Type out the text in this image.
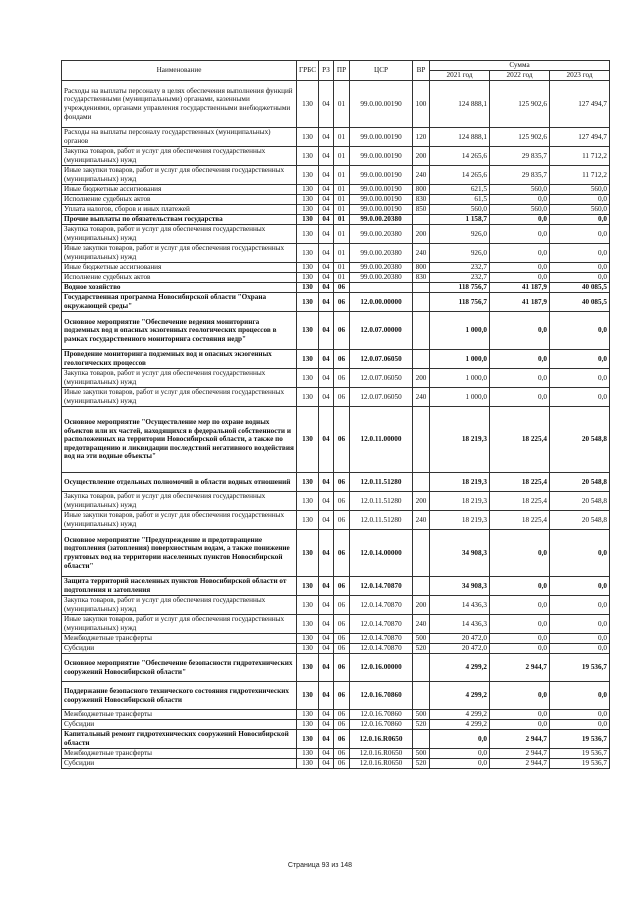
Наименование	ГРБС	РЗ	ПР	ЦСР	ВР	Сумма		
						2021 год	2022 год	2023 год
Расходы на выплаты персоналу в целях обеспечения выполнения функций государственными (муниципальными) органами, казенными учреждениями, органами управления государственными внебюджетными фондами	130	04	01	99.0.00.00190	100	124 888,1	125 902,6	127 494,7
Расходы на выплаты персоналу государственных (муниципальных) органов	130	04	01	99.0.00.00190	120	124 888,1	125 902,6	127 494,7
Закупка товаров, работ и услуг для обеспечения государственных (муниципальных) нужд	130	04	01	99.0.00.00190	200	14 265,6	29 835,7	11 712,2
Иные закупки товаров, работ и услуг для обеспечения государственных (муниципальных) нужд	130	04	01	99.0.00.00190	240	14 265,6	29 835,7	11 712,2
Иные бюджетные ассигнования	130	04	01	99.0.00.00190	800	621,5	560,0	560,0
Исполнение судебных актов	130	04	01	99.0.00.00190	830	61,5	0,0	0,0
Уплата налогов, сборов и иных платежей	130	04	01	99.0.00.00190	850	560,0	560,0	560,0
Прочие выплаты по обязательствам государства	130	04	01	99.0.00.20380		1 158,7	0,0	0,0
Закупка товаров, работ и услуг для обеспечения государственных (муниципальных) нужд	130	04	01	99.0.00.20380	200	926,0	0,0	0,0
Иные закупки товаров, работ и услуг для обеспечения государственных (муниципальных) нужд	130	04	01	99.0.00.20380	240	926,0	0,0	0,0
Иные бюджетные ассигнования	130	04	01	99.0.00.20380	800	232,7	0,0	0,0
Исполнение судебных актов	130	04	01	99.0.00.20380	830	232,7	0,0	0,0
Водное хозяйство	130	04	06			118 756,7	41 187,9	40 085,5
Государственная программа Новосибирской области "Охрана окружающей среды"	130	04	06	12.0.00.00000		118 756,7	41 187,9	40 085,5
Основное мероприятие "Обеспечение ведения мониторинга подземных вод и опасных экзогенных геологических процессов в рамках государственного мониторинга состояния недр"	130	04	06	12.0.07.00000		1 000,0	0,0	0,0
Проведение мониторинга подземных вод и опасных экзогенных геологических процессов	130	04	06	12.0.07.06050		1 000,0	0,0	0,0
Закупка товаров, работ и услуг для обеспечения государственных (муниципальных) нужд	130	04	06	12.0.07.06050	200	1 000,0	0,0	0,0
Иные закупки товаров, работ и услуг для обеспечения государственных (муниципальных) нужд	130	04	06	12.0.07.06050	240	1 000,0	0,0	0,0
Основное мероприятие "Осуществление мер по охране водных объектов или их частей, находящихся в федеральной собственности и расположенных на территории Новосибирской области, а также по предотвращению и ликвидации последствий негативного воздействия вод на эти водные объекты"	130	04	06	12.0.11.00000		18 219,3	18 225,4	20 548,8
Осуществление отдельных полномочий в области водных отношений	130	04	06	12.0.11.51280		18 219,3	18 225,4	20 548,8
Закупка товаров, работ и услуг для обеспечения государственных (муниципальных) нужд	130	04	06	12.0.11.51280	200	18 219,3	18 225,4	20 548,8
Иные закупки товаров, работ и услуг для обеспечения государственных (муниципальных) нужд	130	04	06	12.0.11.51280	240	18 219,3	18 225,4	20 548,8
Основное мероприятие "Предупреждение и предотвращение подтопления (затопления) поверхностным водам, а также понижение грунтовых вод на территории населенных пунктов Новосибирской области"	130	04	06	12.0.14.00000		34 908,3	0,0	0,0
Защита территорий населенных пунктов Новосибирской области от подтопления и затопления	130	04	06	12.0.14.70870		34 908,3	0,0	0,0
Закупка товаров, работ и услуг для обеспечения государственных (муниципальных) нужд	130	04	06	12.0.14.70870	200	14 436,3	0,0	0,0
Иные закупки товаров, работ и услуг для обеспечения государственных (муниципальных) нужд	130	04	06	12.0.14.70870	240	14 436,3	0,0	0,0
Межбюджетные трансферты	130	04	06	12.0.14.70870	500	20 472,0	0,0	0,0
Субсидии	130	04	06	12.0.14.70870	520	20 472,0	0,0	0,0
Основное мероприятие "Обеспечение безопасности гидротехнических сооружений Новосибирской области"	130	04	06	12.0.16.00000		4 299,2	2 944,7	19 536,7
Поддержание безопасного технического состояния гидротехнических сооружений Новосибирской области	130	04	06	12.0.16.70860		4 299,2	0,0	0,0
Межбюджетные трансферты	130	04	06	12.0.16.70860	500	4 299,2	0,0	0,0
Субсидии	130	04	06	12.0.16.70860	520	4 299,2	0,0	0,0
Капитальный ремонт гидротехнических сооружений Новосибирской области	130	04	06	12.0.16.R0650		0,0	2 944,7	19 536,7
Межбюджетные трансферты	130	04	06	12.0.16.R0650	500	0,0	2 944,7	19 536,7
Субсидии	130	04	06	12.0.16.R0650	520	0,0	2 944,7	19 536,7
Страница 93 из 148
